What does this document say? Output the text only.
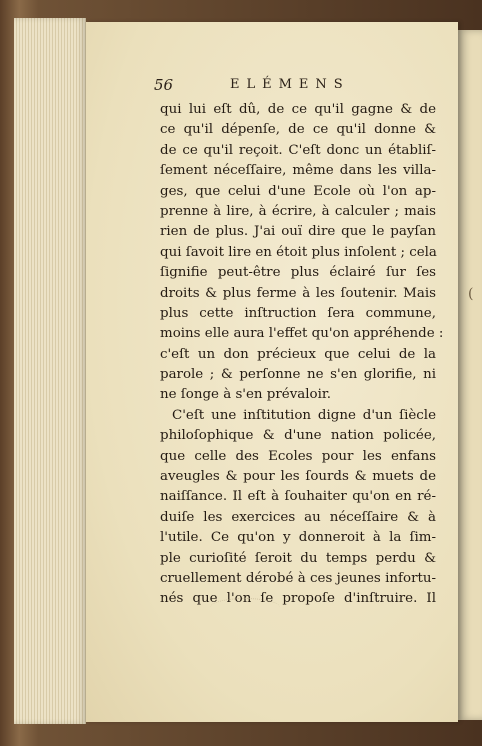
56	ELÉMENS
qui lui eſt dû, de ce qu'il gagne & de
ce qu'il dépenſe, de ce qu'il donne &
de ce qu'il reçoit. C'eſt donc un établiſ-
ſement néceſſaire, même dans les villa-
ges, que celui d'une Ecole où l'on ap-
prenne à lire, à écrire, à calculer ; mais
rien de plus. J'ai ouï dire que le payſan
qui ſavoit lire en étoit plus inſolent ; cela
ſignifie peut-être plus éclairé ſur ſes
droits & plus ferme à les ſoutenir. Mais
plus cette inſtruction ſera commune,
moins elle aura l'effet qu'on appréhende :
c'eſt un don précieux que celui de la
parole ; & perſonne ne s'en glorifie, ni
ne ſonge à s'en prévaloir.
C'eſt une inſtitution digne d'un ſiècle
philoſophique & d'une nation policée,
que celle des Ecoles pour les enfans
aveugles & pour les ſourds & muets de
naiſſance. Il eſt à ſouhaiter qu'on en ré-
duiſe les exercices au néceſſaire & à
l'utile. Ce qu'on y donneroit à la ſim-
ple curioſité ſeroit du temps perdu &
cruellement dérobé à ces jeunes infortu-
nés que l'on ſe propoſe d'inſtruire. Il
(
